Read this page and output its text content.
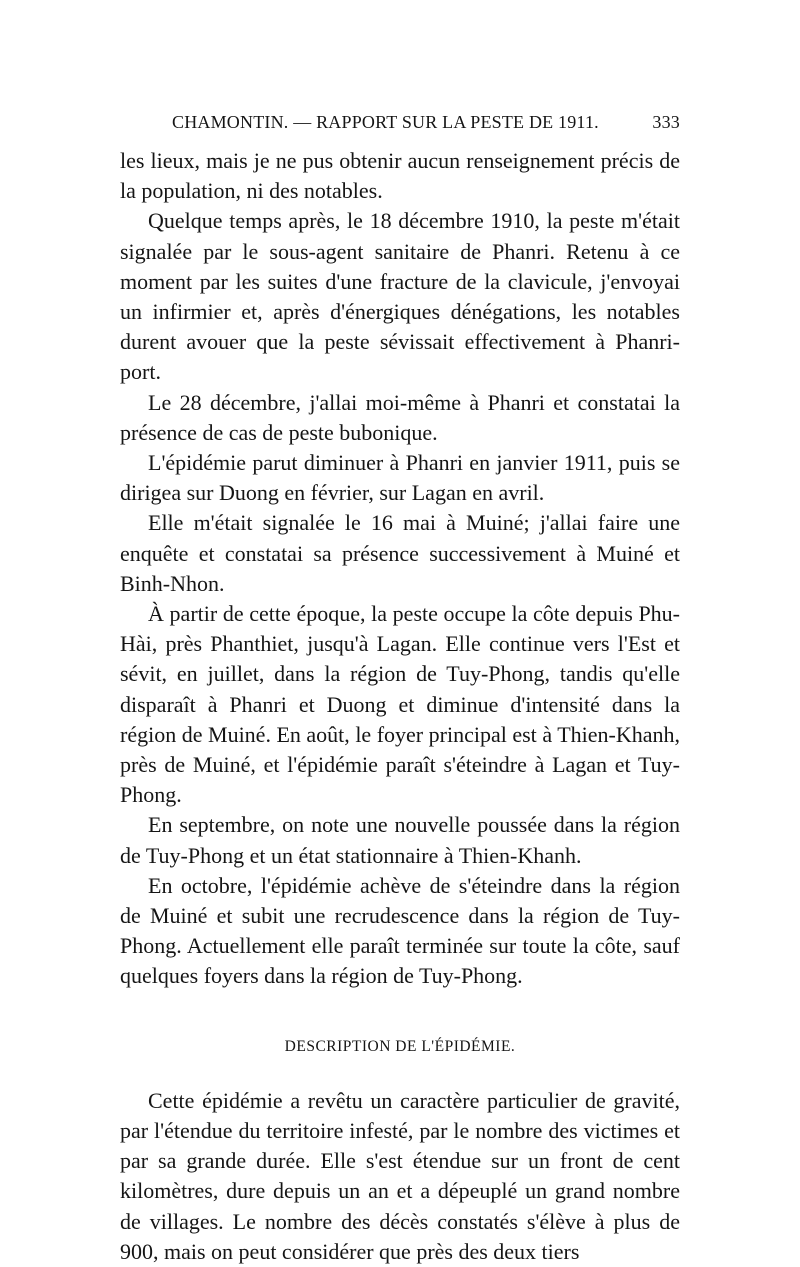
CHAMONTIN. — RAPPORT SUR LA PESTE DE 1911.	333

les lieux, mais je ne pus obtenir aucun renseignement précis de la population, ni des notables.

Quelque temps après, le 18 décembre 1910, la peste m'était signalée par le sous-agent sanitaire de Phanri. Retenu à ce moment par les suites d'une fracture de la clavicule, j'envoyai un infirmier et, après d'énergiques dénégations, les notables durent avouer que la peste sévissait effectivement à Phanri-port.

Le 28 décembre, j'allai moi-même à Phanri et constatai la présence de cas de peste bubonique.

L'épidémie parut diminuer à Phanri en janvier 1911, puis se dirigea sur Duong en février, sur Lagan en avril.

Elle m'était signalée le 16 mai à Muiné; j'allai faire une enquête et constatai sa présence successivement à Muiné et Binh-Nhon.

À partir de cette époque, la peste occupe la côte depuis Phu-Hài, près Phanthiet, jusqu'à Lagan. Elle continue vers l'Est et sévit, en juillet, dans la région de Tuy-Phong, tandis qu'elle disparaît à Phanri et Duong et diminue d'intensité dans la région de Muiné. En août, le foyer principal est à Thien-Khanh, près de Muiné, et l'épidémie paraît s'éteindre à Lagan et Tuy-Phong.

En septembre, on note une nouvelle poussée dans la région de Tuy-Phong et un état stationnaire à Thien-Khanh.

En octobre, l'épidémie achève de s'éteindre dans la région de Muiné et subit une recrudescence dans la région de Tuy-Phong. Actuellement elle paraît terminée sur toute la côte, sauf quelques foyers dans la région de Tuy-Phong.

DESCRIPTION DE L'ÉPIDÉMIE.

Cette épidémie a revêtu un caractère particulier de gravité, par l'étendue du territoire infesté, par le nombre des victimes et par sa grande durée. Elle s'est étendue sur un front de cent kilomètres, dure depuis un an et a dépeuplé un grand nombre de villages. Le nombre des décès constatés s'élève à plus de 900, mais on peut considérer que près des deux tiers
